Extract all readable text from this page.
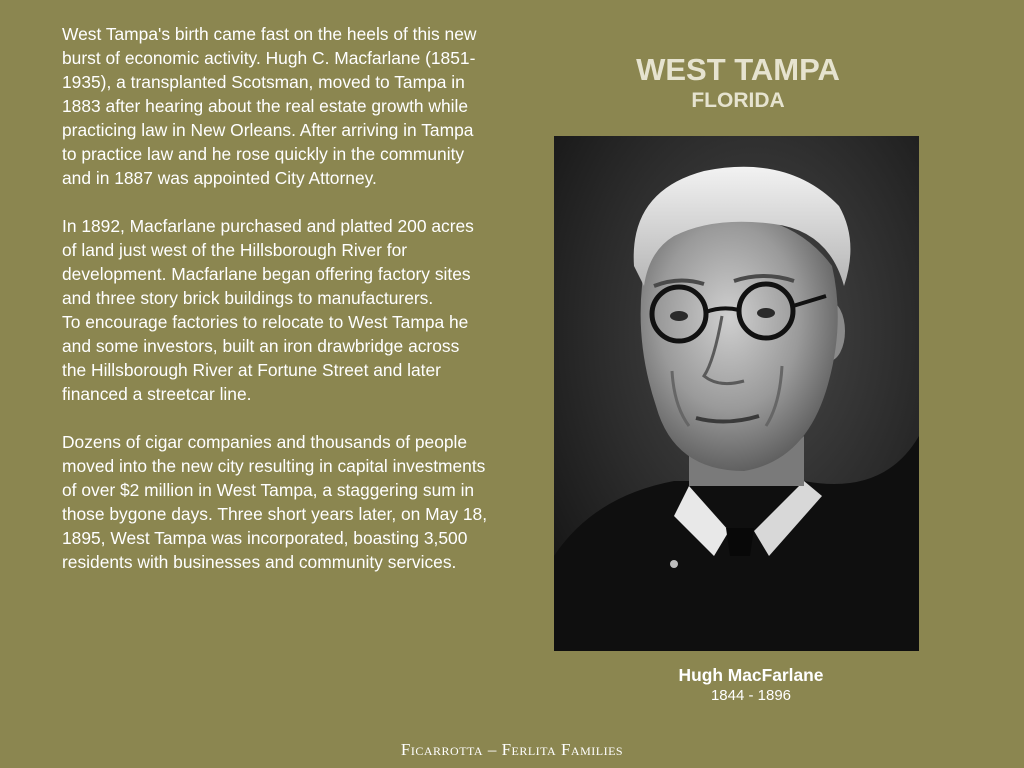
West Tampa's birth came fast on the heels of this new burst of economic activity. Hugh C. Macfarlane (1851-1935), a transplanted Scotsman, moved to Tampa in 1883 after hearing about the real estate growth while practicing law in New Orleans. After arriving in Tampa to practice law and he rose quickly in the community and in 1887 was appointed City Attorney.

In 1892, Macfarlane purchased and platted 200 acres of land just west of the Hillsborough River for development. Macfarlane began offering factory sites and three story brick buildings to manufacturers.

To encourage factories to relocate to West Tampa he and some investors, built an iron drawbridge across the Hillsborough River at Fortune Street and later financed a streetcar line.

Dozens of cigar companies and thousands of people moved into the new city resulting in capital investments of over $2 million in West Tampa, a staggering sum in those bygone days. Three short years later, on May 18, 1895, West Tampa was incorporated, boasting 3,500 residents with businesses and community services.

WEST TAMPA
FLORIDA
Hugh MacFarlane
1844 - 1896
Ficarrotta – Ferlita Families
